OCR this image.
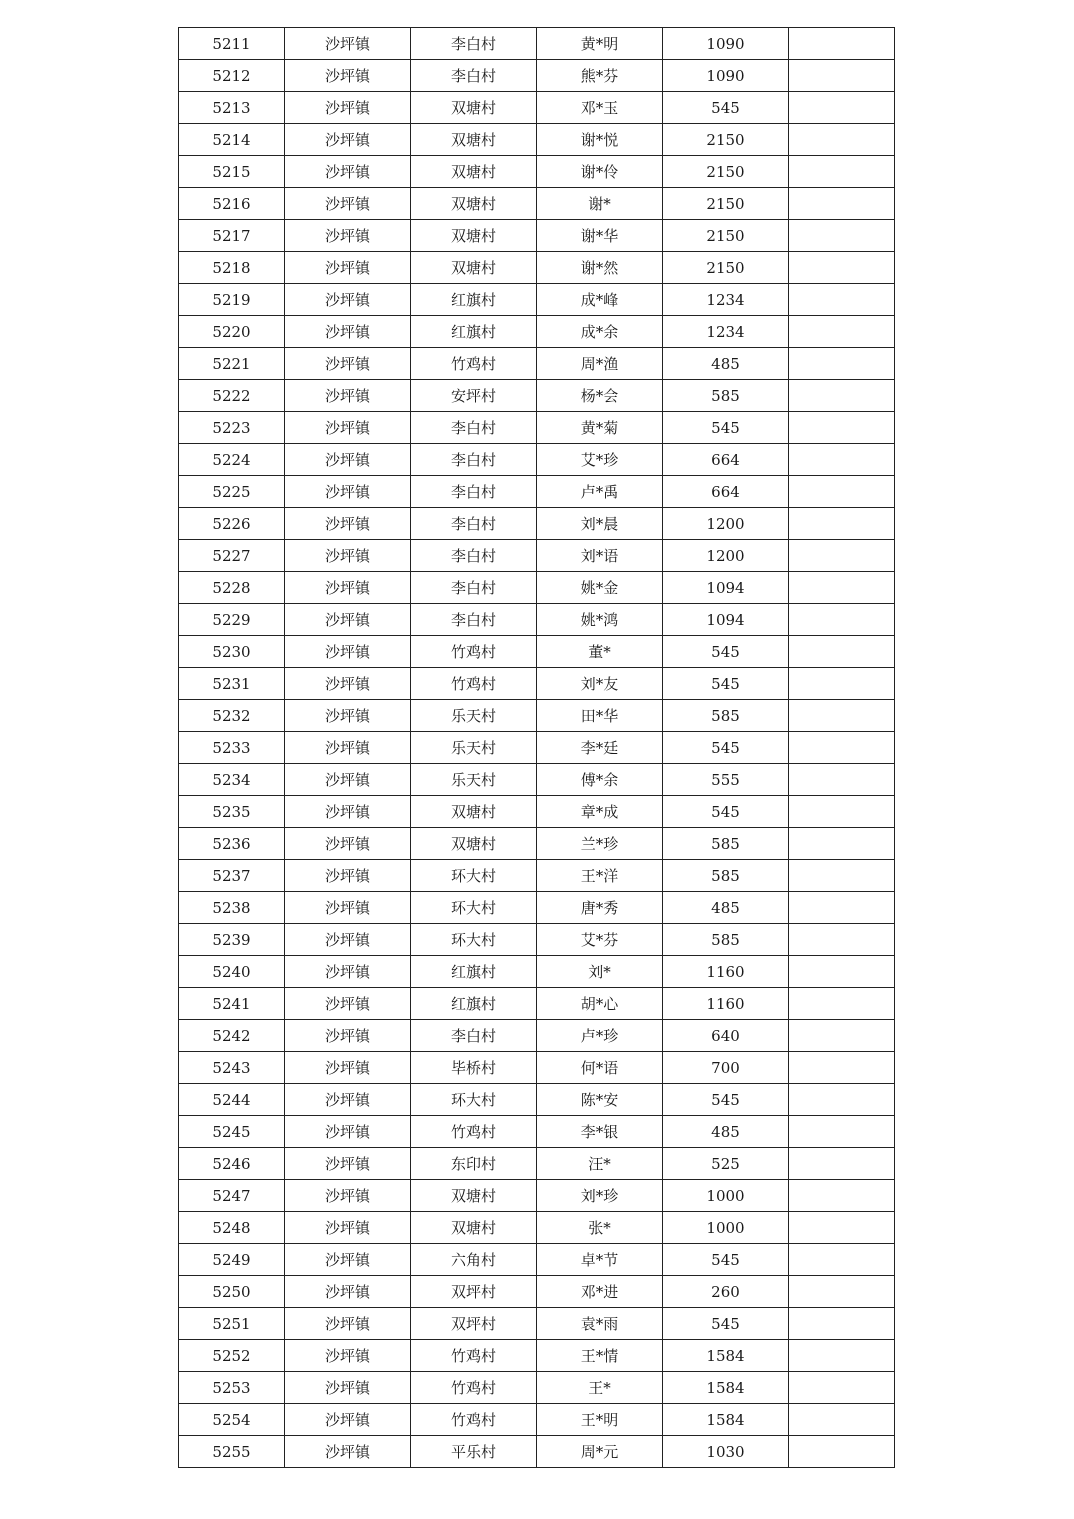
5211	沙坪镇	李白村	黄*明	1090	
5212	沙坪镇	李白村	熊*芬	1090	
5213	沙坪镇	双塘村	邓*玉	545	
5214	沙坪镇	双塘村	谢*悦	2150	
5215	沙坪镇	双塘村	谢*伶	2150	
5216	沙坪镇	双塘村	谢*	2150	
5217	沙坪镇	双塘村	谢*华	2150	
5218	沙坪镇	双塘村	谢*然	2150	
5219	沙坪镇	红旗村	成*峰	1234	
5220	沙坪镇	红旗村	成*余	1234	
5221	沙坪镇	竹鸡村	周*渔	485	
5222	沙坪镇	安坪村	杨*会	585	
5223	沙坪镇	李白村	黄*菊	545	
5224	沙坪镇	李白村	艾*珍	664	
5225	沙坪镇	李白村	卢*禹	664	
5226	沙坪镇	李白村	刘*晨	1200	
5227	沙坪镇	李白村	刘*语	1200	
5228	沙坪镇	李白村	姚*金	1094	
5229	沙坪镇	李白村	姚*鸿	1094	
5230	沙坪镇	竹鸡村	董*	545	
5231	沙坪镇	竹鸡村	刘*友	545	
5232	沙坪镇	乐天村	田*华	585	
5233	沙坪镇	乐天村	李*廷	545	
5234	沙坪镇	乐天村	傅*余	555	
5235	沙坪镇	双塘村	章*成	545	
5236	沙坪镇	双塘村	兰*珍	585	
5237	沙坪镇	环大村	王*洋	585	
5238	沙坪镇	环大村	唐*秀	485	
5239	沙坪镇	环大村	艾*芬	585	
5240	沙坪镇	红旗村	刘*	1160	
5241	沙坪镇	红旗村	胡*心	1160	
5242	沙坪镇	李白村	卢*珍	640	
5243	沙坪镇	毕桥村	何*语	700	
5244	沙坪镇	环大村	陈*安	545	
5245	沙坪镇	竹鸡村	李*银	485	
5246	沙坪镇	东印村	汪*	525	
5247	沙坪镇	双塘村	刘*珍	1000	
5248	沙坪镇	双塘村	张*	1000	
5249	沙坪镇	六角村	卓*节	545	
5250	沙坪镇	双坪村	邓*进	260	
5251	沙坪镇	双坪村	袁*雨	545	
5252	沙坪镇	竹鸡村	王*情	1584	
5253	沙坪镇	竹鸡村	王*	1584	
5254	沙坪镇	竹鸡村	王*明	1584	
5255	沙坪镇	平乐村	周*元	1030	
